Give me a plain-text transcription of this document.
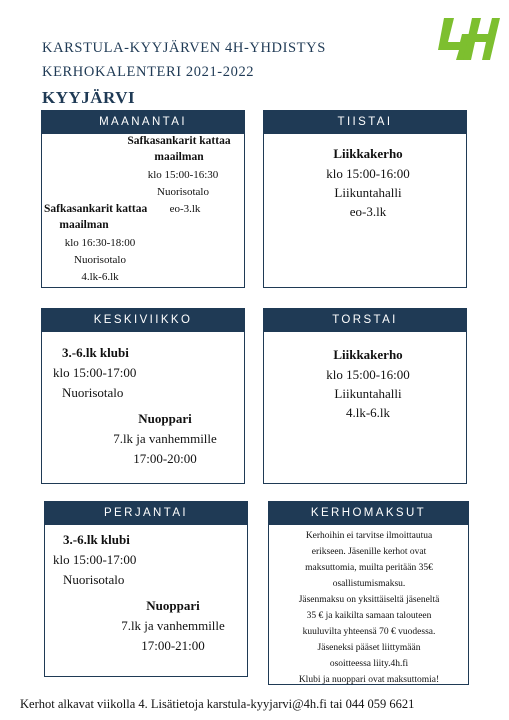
KARSTULA-KYYJÄRVEN 4H-YHDISTYS
KERHOKALENTERI 2021-2022
KYYJÄRVI
MAANANTAI
Safkasankarit kattaa
maailman
klo 15:00-16:30
Nuorisotalo
eo-3.lk
Safkasankarit kattaa
maailman
klo 16:30-18:00
Nuorisotalo
4.lk-6.lk
TIISTAI
Liikkakerho
klo 15:00-16:00
Liikuntahalli
eo-3.lk
KESKIVIIKKO
3.-6.lk klubi
klo 15:00-17:00
Nuorisotalo
Nuoppari
7.lk ja vanhemmille
17:00-20:00
TORSTAI
Liikkakerho
klo 15:00-16:00
Liikuntahalli
4.lk-6.lk
PERJANTAI
3.-6.lk klubi
klo 15:00-17:00
Nuorisotalo
Nuoppari
7.lk ja vanhemmille
17:00-21:00
KERHOMAKSUT
Kerhoihin ei tarvitse ilmoittautua
erikseen. Jäsenille kerhot ovat
maksuttomia, muilta peritään 35€
osallistumismaksu.
Jäsenmaksu on yksittäiseltä jäseneltä
35 € ja kaikilta samaan talouteen
kuuluvilta yhteensä 70 € vuodessa.
Jäseneksi pääset liittymään
osoitteessa liity.4h.fi
Klubi ja nuoppari ovat maksuttomia!
Kerhot alkavat viikolla 4. Lisätietoja karstula-kyyjarvi@4h.fi tai 044 059 6621
